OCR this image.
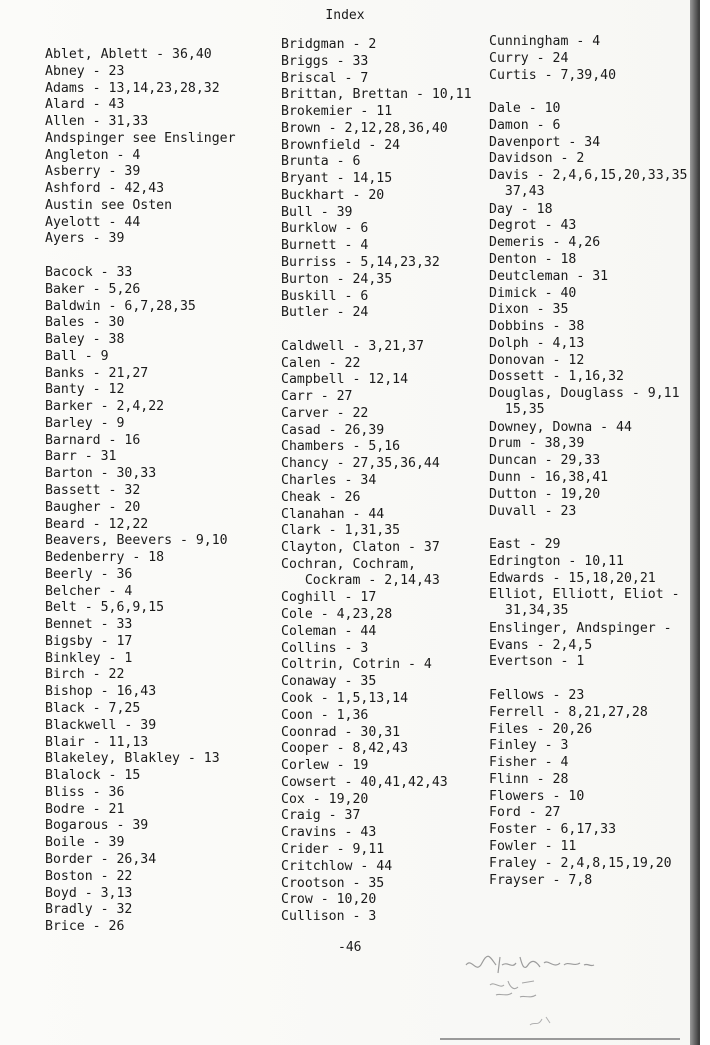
Index
Ablet, Ablett - 36,40
Abney - 23
Adams - 13,14,23,28,32
Alard - 43
Allen - 31,33
Andspinger see Enslinger
Angleton - 4
Asberry - 39
Ashford - 42,43
Austin see Osten
Ayelott - 44
Ayers - 39
Bacock - 33
Baker - 5,26
Baldwin - 6,7,28,35
Bales - 30
Baley - 38
Ball - 9
Banks - 21,27
Banty - 12
Barker - 2,4,22
Barley - 9
Barnard - 16
Barr - 31
Barton - 30,33
Bassett - 32
Baugher - 20
Beard - 12,22
Beavers, Beevers - 9,10
Bedenberry - 18
Beerly - 36
Belcher - 4
Belt - 5,6,9,15
Bennet - 33
Bigsby - 17
Binkley - 1
Birch - 22
Bishop - 16,43
Black - 7,25
Blackwell - 39
Blair - 11,13
Blakeley, Blakley - 13
Blalock - 15
Bliss - 36
Bodre - 21
Bogarous - 39
Boile - 39
Border - 26,34
Boston - 22
Boyd - 3,13
Bradly - 32
Brice - 26
Bridgman - 2
Briggs - 33
Briscal - 7
Brittan, Brettan - 10,11
Brokemier - 11
Brown - 2,12,28,36,40
Brownfield - 24
Brunta - 6
Bryant - 14,15
Buckhart - 20
Bull - 39
Burklow - 6
Burnett - 4
Burriss - 5,14,23,32
Burton - 24,35
Buskill - 6
Butler - 24
Caldwell - 3,21,37
Calen - 22
Campbell - 12,14
Carr - 27
Carver - 22
Casad - 26,39
Chambers - 5,16
Chancy - 27,35,36,44
Charles - 34
Cheak - 26
Clanahan - 44
Clark - 1,31,35
Clayton, Claton - 37
Cochran, Cochram,
Cockram - 2,14,43
Coghill - 17
Cole - 4,23,28
Coleman - 44
Collins - 3
Coltrin, Cotrin - 4
Conaway - 35
Cook - 1,5,13,14
Coon - 1,36
Coonrad - 30,31
Cooper - 8,42,43
Corlew - 19
Cowsert - 40,41,42,43
Cox - 19,20
Craig - 37
Cravins - 43
Crider - 9,11
Critchlow - 44
Crootson - 35
Crow - 10,20
Cullison - 3
Cunningham - 4
Curry - 24
Curtis - 7,39,40
Dale - 10
Damon - 6
Davenport - 34
Davidson - 2
Davis - 2,4,6,15,20,33,35
37,43
Day - 18
Degrot - 43
Demeris - 4,26
Denton - 18
Deutcleman - 31
Dimick - 40
Dixon - 35
Dobbins - 38
Dolph - 4,13
Donovan - 12
Dossett - 1,16,32
Douglas, Douglass - 9,11
15,35
Downey, Downa - 44
Drum - 38,39
Duncan - 29,33
Dunn - 16,38,41
Dutton - 19,20
Duvall - 23
East - 29
Edrington - 10,11
Edwards - 15,18,20,21
Elliot, Elliott, Eliot -
31,34,35
Enslinger, Andspinger -
Evans - 2,4,5
Evertson - 1
Fellows - 23
Ferrell - 8,21,27,28
Files - 20,26
Finley - 3
Fisher - 4
Flinn - 28
Flowers - 10
Ford - 27
Foster - 6,17,33
Fowler - 11
Fraley - 2,4,8,15,19,20
Frayser - 7,8
-46
